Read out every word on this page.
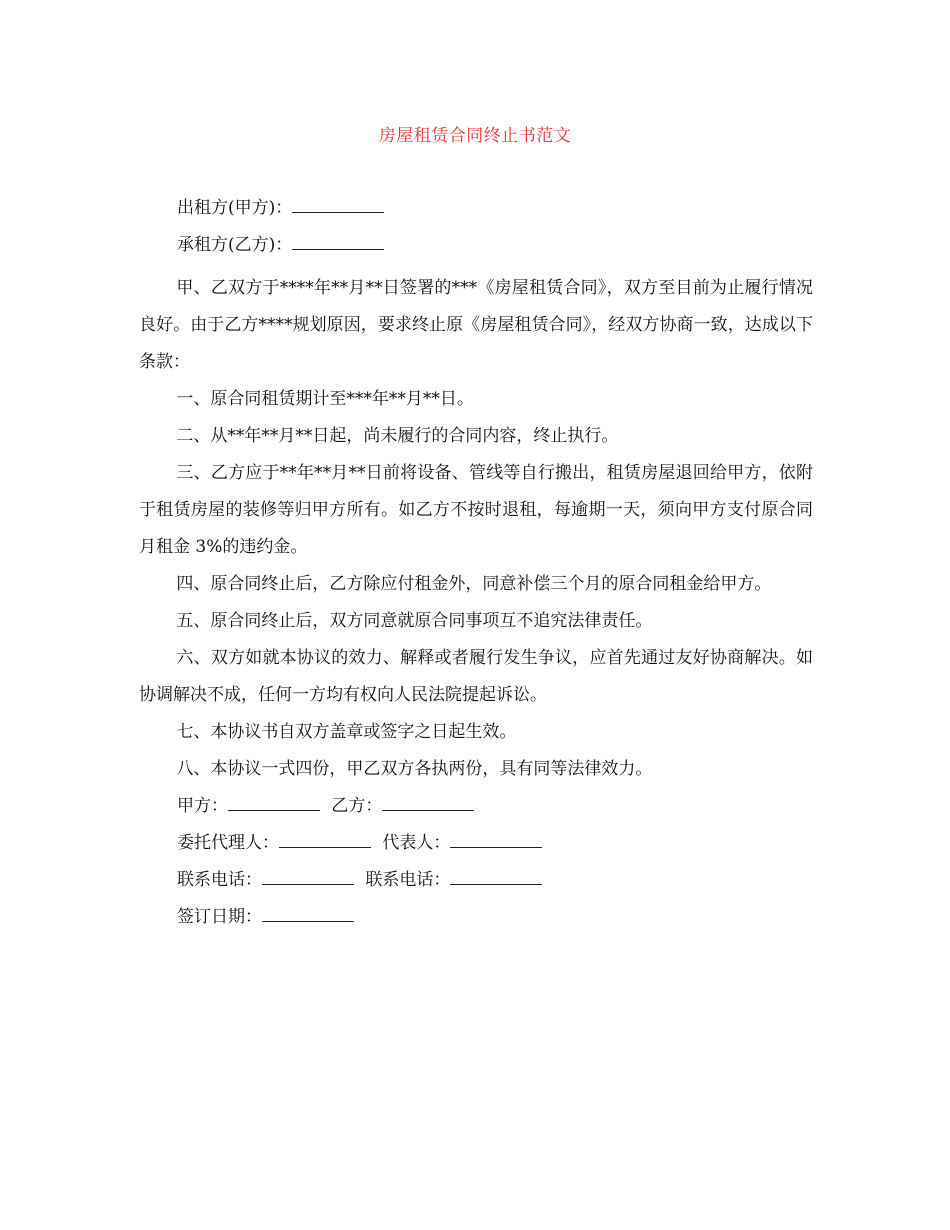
房屋租赁合同终止书范文
出租方(甲方)：
承租方(乙方)：

甲、乙双方于****年**月**日签署的***《房屋租赁合同》，双方至目前为止履行情况良好。由于乙方****规划原因，要求终止原《房屋租赁合同》，经双方协商一致，达成以下条款：

一、原合同租赁期计至***年**月**日。

二、从**年**月**日起，尚未履行的合同内容，终止执行。

三、乙方应于**年**月**日前将设备、管线等自行搬出，租赁房屋退回给甲方，依附于租赁房屋的装修等归甲方所有。如乙方不按时退租，每逾期一天，须向甲方支付原合同月租金 3%的违约金。

四、原合同终止后，乙方除应付租金外，同意补偿三个月的原合同租金给甲方。

五、原合同终止后，双方同意就原合同事项互不追究法律责任。

六、双方如就本协议的效力、解释或者履行发生争议，应首先通过友好协商解决。如协调解决不成，任何一方均有权向人民法院提起诉讼。

七、本协议书自双方盖章或签字之日起生效。

八、本协议一式四份，甲乙双方各执两份，具有同等法律效力。

甲方：	乙方：
委托代理人：	代表人：
联系电话：	联系电话：
签订日期：
